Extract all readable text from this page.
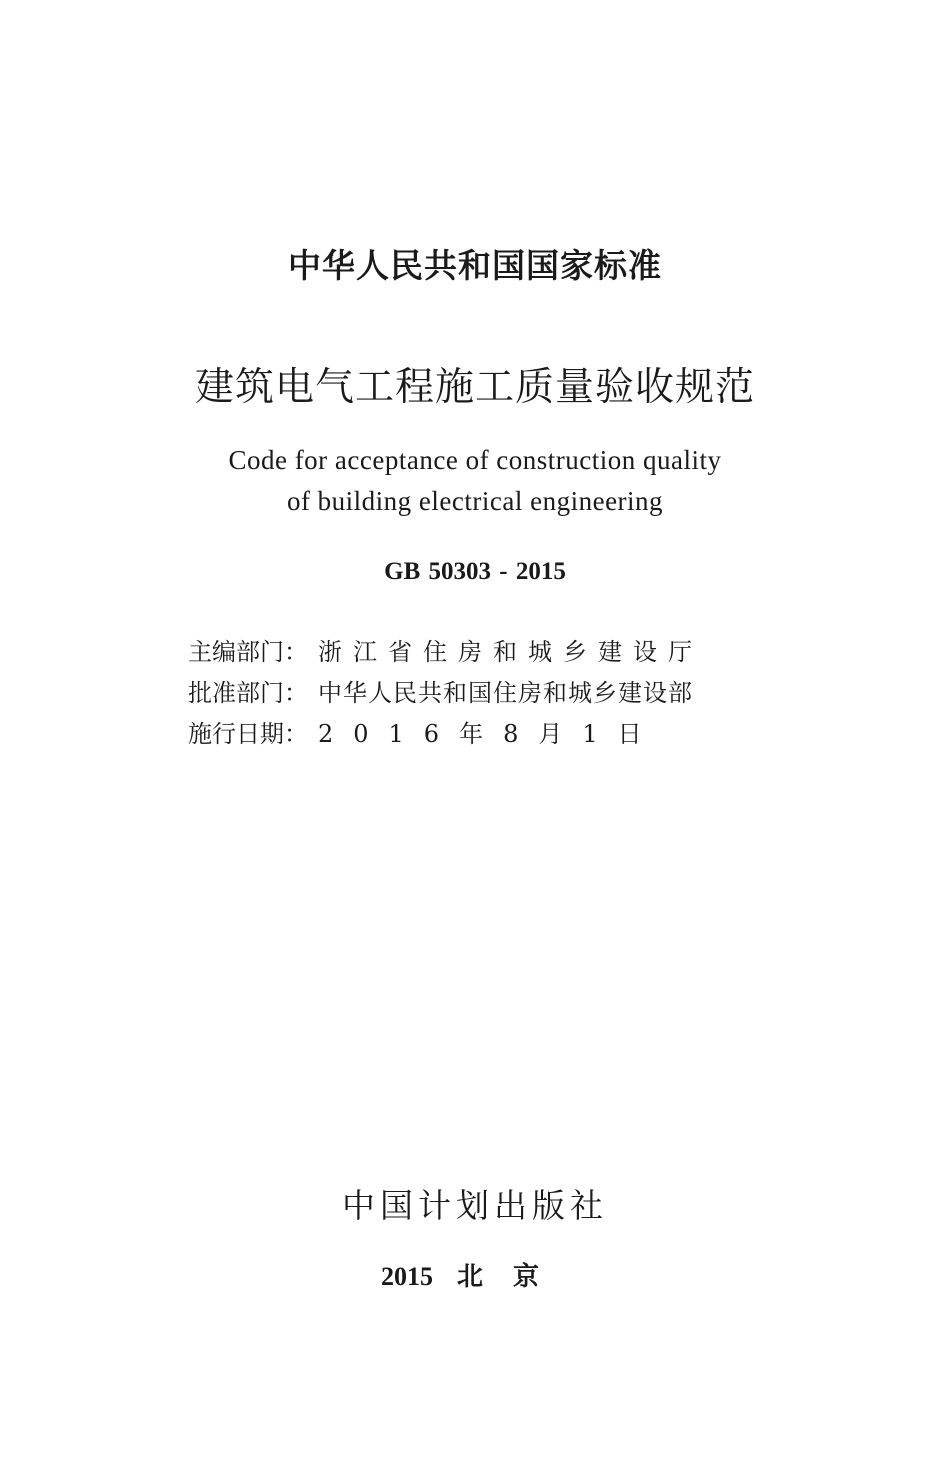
中华人民共和国国家标准
建筑电气工程施工质量验收规范
Code for acceptance of construction quality
of building electrical engineering
GB 50303 - 2015
主编部门： 浙江省住房和城乡建设厅
批准部门： 中华人民共和国住房和城乡建设部
施行日期： 2016年8月1日
中国计划出版社
2015 北京
